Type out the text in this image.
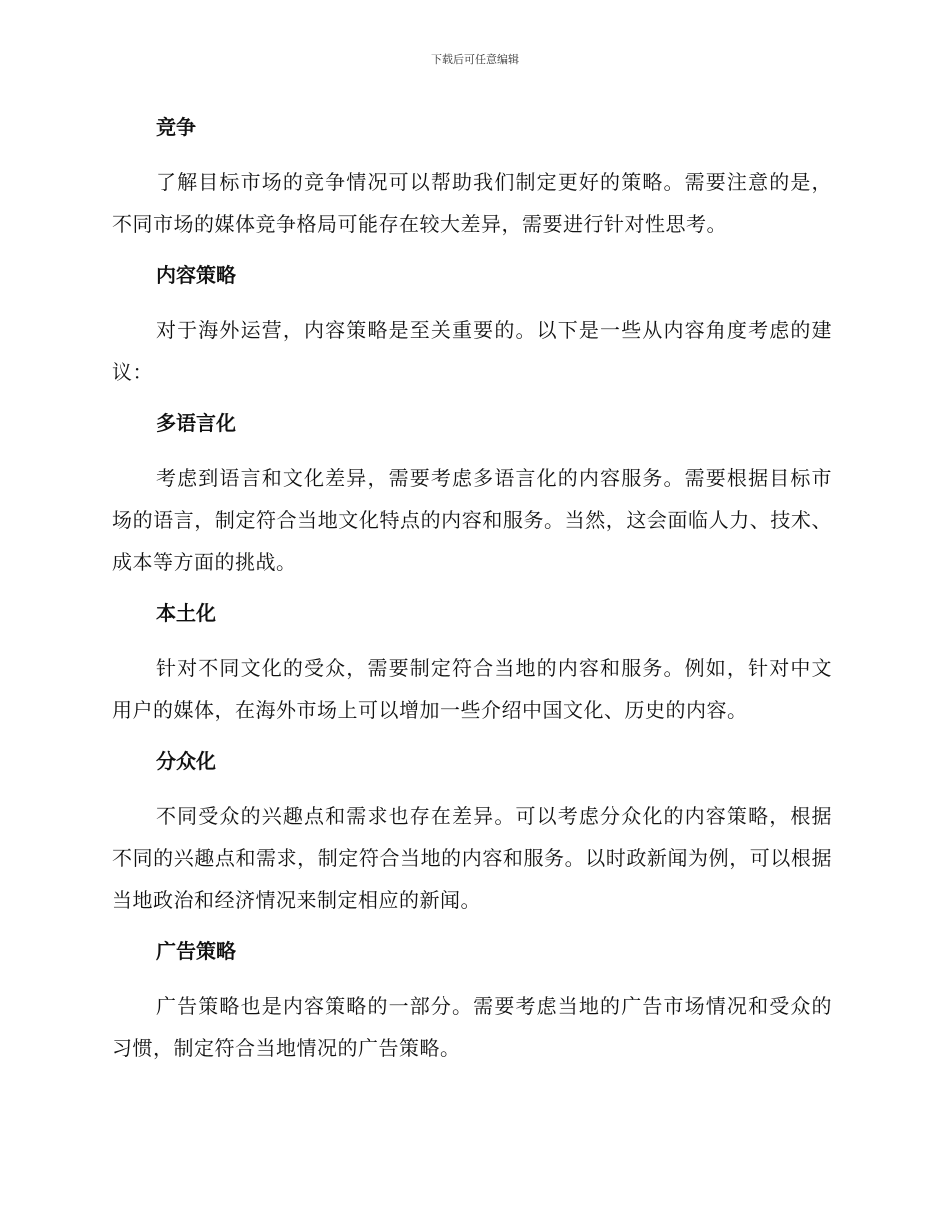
下载后可任意编辑
竞争

了解目标市场的竞争情况可以帮助我们制定更好的策略。需要注意的是，不同市场的媒体竞争格局可能存在较大差异，需要进行针对性思考。

内容策略

对于海外运营，内容策略是至关重要的。以下是一些从内容角度考虑的建议：

多语言化

考虑到语言和文化差异，需要考虑多语言化的内容服务。需要根据目标市场的语言，制定符合当地文化特点的内容和服务。当然，这会面临人力、技术、成本等方面的挑战。

本土化

针对不同文化的受众，需要制定符合当地的内容和服务。例如，针对中文用户的媒体，在海外市场上可以增加一些介绍中国文化、历史的内容。

分众化

不同受众的兴趣点和需求也存在差异。可以考虑分众化的内容策略，根据不同的兴趣点和需求，制定符合当地的内容和服务。以时政新闻为例，可以根据当地政治和经济情况来制定相应的新闻。

广告策略

广告策略也是内容策略的一部分。需要考虑当地的广告市场情况和受众的习惯，制定符合当地情况的广告策略。
